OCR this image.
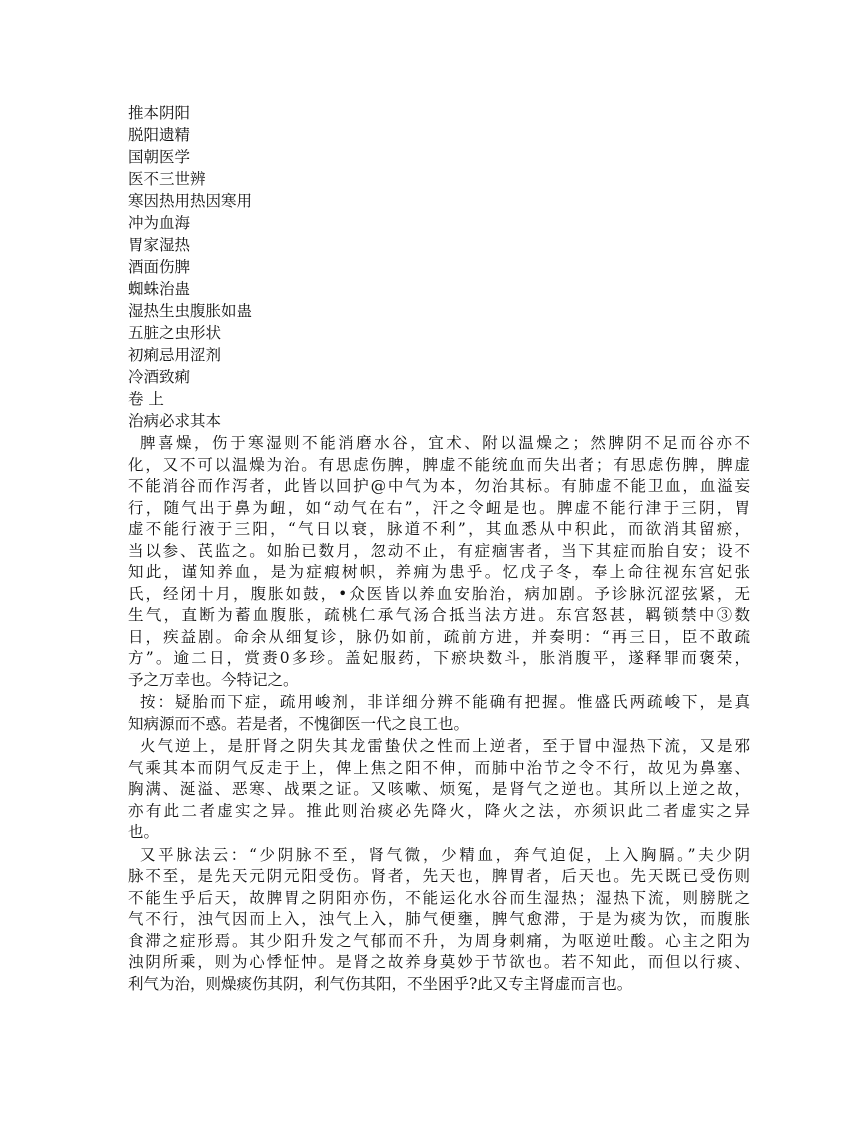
推本阴阳
脱阳遗精
国朝医学
医不三世辨
寒因热用热因寒用
冲为血海
胃家湿热
酒面伤脾
蜘蛛治蛊
湿热生虫腹胀如蛊
五脏之虫形状
初痢忌用涩剂
冷酒致痢
卷 上
治病必求其本
脾喜燥，伤于寒湿则不能消磨水谷，宜术、附以温燥之；然脾阴不足而谷亦不
化，又不可以温燥为治。有思虑伤脾，脾虚不能统血而失出者；有思虑伤脾，脾虚
不能消谷而作泻者，此皆以回护@中气为本，勿治其标。有肺虚不能卫血，血溢妄
行，随气出于鼻为衄，如“动气在右”，汗之令衄是也。脾虚不能行津于三阴，胃
虚不能行液于三阳，“气日以衰，脉道不利”，其血悉从中积此，而欲消其留瘀，
当以参、芪监之。如胎已数月，忽动不止，有症痼害者，当下其症而胎自安；设不
知此，谨知养血，是为症瘕树帜，养痈为患乎。忆戊子冬，奉上命往视东宫妃张
氏，经闭十月，腹胀如鼓，•众医皆以养血安胎治，病加剧。予诊脉沉涩弦紧，无
生气，直断为蓄血腹胀，疏桃仁承气汤合抵当法方进。东宫怒甚，羁锁禁中③数
日，疾益剧。命余从细复诊，脉仍如前，疏前方进，并奏明：“再三日，臣不敢疏
方”。逾二日，赏赉0多珍。盖妃服药，下瘀块数斗，胀消腹平，遂释罪而褒荣，
予之万幸也。今特记之。
按：疑胎而下症，疏用峻剂，非详细分辨不能确有把握。惟盛氏两疏峻下，是真
知病源而不惑。若是者，不愧御医一代之良工也。
火气逆上，是肝肾之阴失其龙雷蛰伏之性而上逆者，至于冒中湿热下流，又是邪
气乘其本而阴气反走于上，俾上焦之阳不伸，而肺中治节之令不行，故见为鼻塞、
胸满、涎溢、恶寒、战栗之证。又咳嗽、烦冤，是肾气之逆也。其所以上逆之故，
亦有此二者虚实之异。推此则治痰必先降火，降火之法，亦须识此二者虚实之异
也。
又平脉法云：“少阴脉不至，肾气微，少精血，奔气迫促，上入胸膈。”夫少阴
脉不至，是先天元阴元阳受伤。肾者，先天也，脾胃者，后天也。先天既已受伤则
不能生乎后天，故脾胃之阴阳亦伤，不能运化水谷而生湿热；湿热下流，则膀胱之
气不行，浊气因而上入，浊气上入，肺气便壅，脾气愈滞，于是为痰为饮，而腹胀
食滞之症形焉。其少阳升发之气郁而不升，为周身刺痛，为呕逆吐酸。心主之阳为
浊阴所乘，则为心悸怔忡。是肾之故养身莫妙于节欲也。若不知此，而但以行痰、
利气为治，则燥痰伤其阴，利气伤其阳，不坐困乎?此又专主肾虚而言也。
